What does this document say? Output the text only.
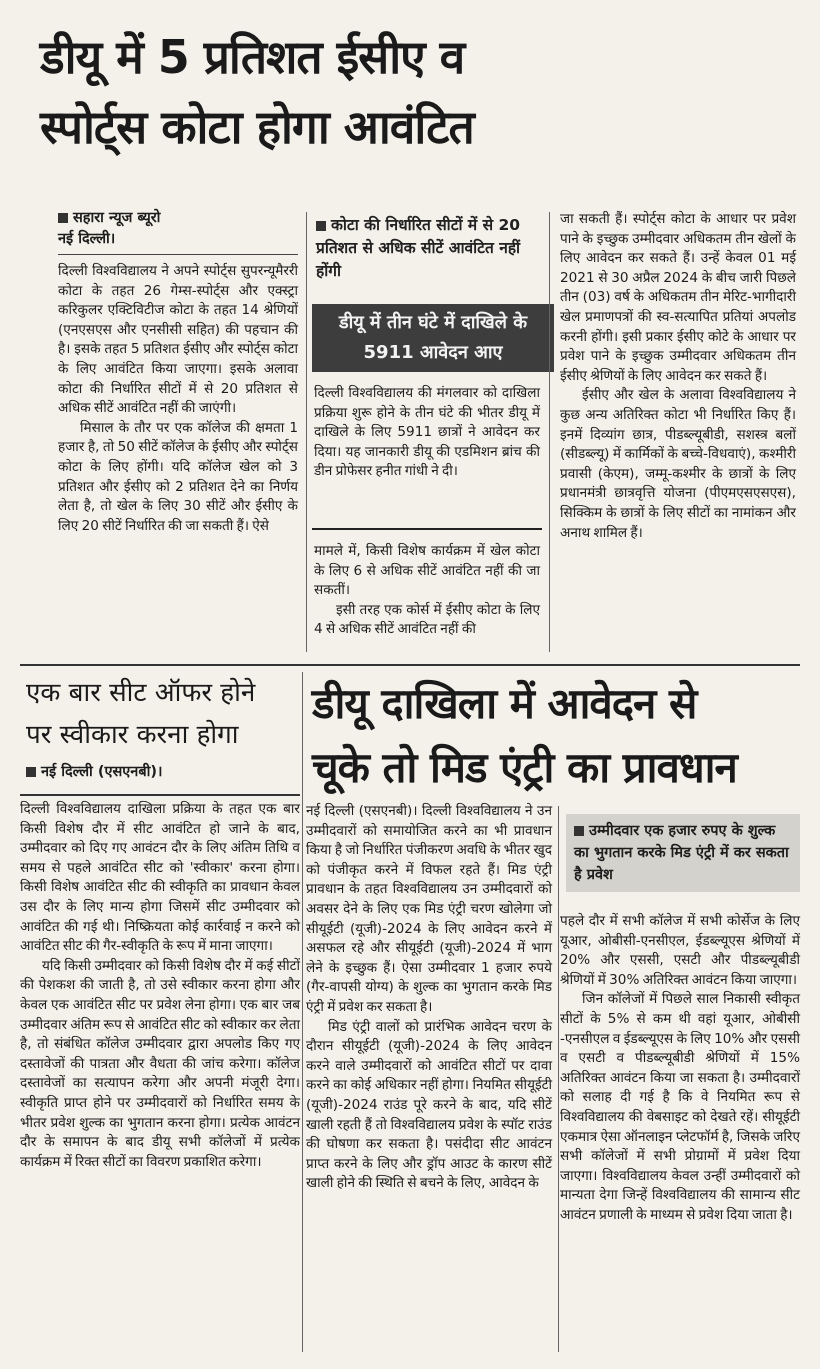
डीयू में 5 प्रतिशत ईसीए व
स्पोर्ट्स कोटा होगा आवंटित
सहारा न्यूज ब्यूरो
नई दिल्ली।

दिल्ली विश्वविद्यालय ने अपने स्पोर्ट्स सुपरन्यूमैररी कोटा के तहत 26 गेम्स-स्पोर्ट्स और एक्स्ट्रा करिकुलर एक्टिविटीज कोटा के तहत 14 श्रेणियों (एनएसएस और एनसीसी सहित) की पहचान की है। इसके तहत 5 प्रतिशत ईसीए और स्पोर्ट्स कोटा के लिए आवंटित किया जाएगा। इसके अलावा कोटा की निर्धारित सीटों में से 20 प्रतिशत से अधिक सीटें आवंटित नहीं की जाएंगी।

मिसाल के तौर पर एक कॉलेज की क्षमता 1 हजार है, तो 50 सीटें कॉलेज के ईसीए और स्पोर्ट्स कोटा के लिए होंगी। यदि कॉलेज खेल को 3 प्रतिशत और ईसीए को 2 प्रतिशत देने का निर्णय लेता है, तो खेल के लिए 30 सीटें और ईसीए के लिए 20 सीटें निर्धारित की जा सकती हैं। ऐसे

कोटा की निर्धारित सीटों में से 20 प्रतिशत से अधिक सीटें आवंटित नहीं होंगी
डीयू में तीन घंटे में दाखिले के 5911 आवेदन आए
दिल्ली विश्वविद्यालय की मंगलवार को दाखिला प्रक्रिया शुरू होने के तीन घंटे की भीतर डीयू में दाखिले के लिए 5911 छात्रों ने आवेदन कर दिया। यह जानकारी डीयू की एडमिशन ब्रांच की डीन प्रोफेसर हनीत गांधी ने दी।

मामले में, किसी विशेष कार्यक्रम में खेल कोटा के लिए 6 से अधिक सीटें आवंटित नहीं की जा सकतीं।

इसी तरह एक कोर्स में ईसीए कोटा के लिए 4 से अधिक सीटें आवंटित नहीं की

जा सकती हैं। स्पोर्ट्स कोटा के आधार पर प्रवेश पाने के इच्छुक उम्मीदवार अधिकतम तीन खेलों के लिए आवेदन कर सकते हैं। उन्हें केवल 01 मई 2021 से 30 अप्रैल 2024 के बीच जारी पिछले तीन (03) वर्ष के अधिकतम तीन मेरिट-भागीदारी खेल प्रमाणपत्रों की स्व-सत्यापित प्रतियां अपलोड करनी होंगी। इसी प्रकार ईसीए कोटे के आधार पर प्रवेश पाने के इच्छुक उम्मीदवार अधिकतम तीन ईसीए श्रेणियों के लिए आवेदन कर सकते हैं।

ईसीए और खेल के अलावा विश्वविद्यालय ने कुछ अन्य अतिरिक्त कोटा भी निर्धारित किए हैं। इनमें दिव्यांग छात्र, पीडब्ल्यूबीडी, सशस्त्र बलों (सीडब्ल्यू) में कार्मिकों के बच्चे-विधवाएं), कश्मीरी प्रवासी (केएम), जम्मू-कश्मीर के छात्रों के लिए प्रधानमंत्री छात्रवृत्ति योजना (पीएमएसएसएस), सिक्किम के छात्रों के लिए सीटों का नामांकन और अनाथ शामिल हैं।

एक बार सीट ऑफर होने
पर स्वीकार करना होगा
नई दिल्ली (एसएनबी)।

दिल्ली विश्वविद्यालय दाखिला प्रक्रिया के तहत एक बार किसी विशेष दौर में सीट आवंटित हो जाने के बाद, उम्मीदवार को दिए गए आवंटन दौर के लिए अंतिम तिथि व समय से पहले आवंटित सीट को 'स्वीकार' करना होगा। किसी विशेष आवंटित सीट की स्वीकृति का प्रावधान केवल उस दौर के लिए मान्य होगा जिसमें सीट उम्मीदवार को आवंटित की गई थी। निष्क्रियता कोई कार्रवाई न करने को आवंटित सीट की गैर-स्वीकृति के रूप में माना जाएगा।

यदि किसी उम्मीदवार को किसी विशेष दौर में कई सीटों की पेशकश की जाती है, तो उसे स्वीकार करना होगा और केवल एक आवंटित सीट पर प्रवेश लेना होगा। एक बार जब उम्मीदवार अंतिम रूप से आवंटित सीट को स्वीकार कर लेता है, तो संबंधित कॉलेज उम्मीदवार द्वारा अपलोड किए गए दस्तावेजों की पात्रता और वैधता की जांच करेगा। कॉलेज दस्तावेजों का सत्यापन करेगा और अपनी मंजूरी देगा। स्वीकृति प्राप्त होने पर उम्मीदवारों को निर्धारित समय के भीतर प्रवेश शुल्क का भुगतान करना होगा। प्रत्येक आवंटन दौर के समापन के बाद डीयू सभी कॉलेजों में प्रत्येक कार्यक्रम में रिक्त सीटों का विवरण प्रकाशित करेगा।

डीयू दाखिला में आवेदन से
चूके तो मिड एंट्री का प्रावधान

नई दिल्ली (एसएनबी)। दिल्ली विश्वविद्यालय ने उन उम्मीदवारों को समायोजित करने का भी प्रावधान किया है जो निर्धारित पंजीकरण अवधि के भीतर खुद को पंजीकृत करने में विफल रहते हैं। मिड एंट्री प्रावधान के तहत विश्वविद्यालय उन उम्मीदवारों को अवसर देने के लिए एक मिड एंट्री चरण खोलेगा जो सीयूईटी (यूजी)-2024 के लिए आवेदन करने में असफल रहे और सीयूईटी (यूजी)-2024 में भाग लेने के इच्छुक हैं। ऐसा उम्मीदवार 1 हजार रुपये (गैर-वापसी योग्य) के शुल्क का भुगतान करके मिड एंट्री में प्रवेश कर सकता है।

मिड एंट्री वालों को प्रारंभिक आवेदन चरण के दौरान सीयूईटी (यूजी)-2024 के लिए आवेदन करने वाले उम्मीदवारों को आवंटित सीटों पर दावा करने का कोई अधिकार नहीं होगा। नियमित सीयूईटी (यूजी)-2024 राउंड पूरे करने के बाद, यदि सीटें खाली रहती हैं तो विश्वविद्यालय प्रवेश के स्पॉट राउंड की घोषणा कर सकता है। पसंदीदा सीट आवंटन प्राप्त करने के लिए और ड्रॉप आउट के कारण सीटें खाली होने की स्थिति से बचने के लिए, आवेदन के

उम्मीदवार एक हजार रुपए के शुल्क का भुगतान करके मिड एंट्री में कर सकता है प्रवेश

पहले दौर में सभी कॉलेज में सभी कोर्सेज के लिए यूआर, ओबीसी-एनसीएल, ईडब्ल्यूएस श्रेणियों में 20% और एससी, एसटी और पीडब्ल्यूबीडी श्रेणियों में 30% अतिरिक्त आवंटन किया जाएगा।

जिन कॉलेजों में पिछले साल निकासी स्वीकृत सीटों के 5% से कम थी वहां यूआर, ओबीसी -एनसीएल व ईडब्ल्यूएस के लिए 10% और एससी व एसटी व पीडब्ल्यूबीडी श्रेणियों में 15% अतिरिक्त आवंटन किया जा सकता है। उम्मीदवारों को सलाह दी गई है कि वे नियमित रूप से विश्वविद्यालय की वेबसाइट को देखते रहें। सीयूईटी एकमात्र ऐसा ऑनलाइन प्लेटफॉर्म है, जिसके जरिए सभी कॉलेजों में सभी प्रोग्रामों में प्रवेश दिया जाएगा। विश्वविद्यालय केवल उन्हीं उम्मीदवारों को मान्यता देगा जिन्हें विश्वविद्यालय की सामान्य सीट आवंटन प्रणाली के माध्यम से प्रवेश दिया जाता है।
